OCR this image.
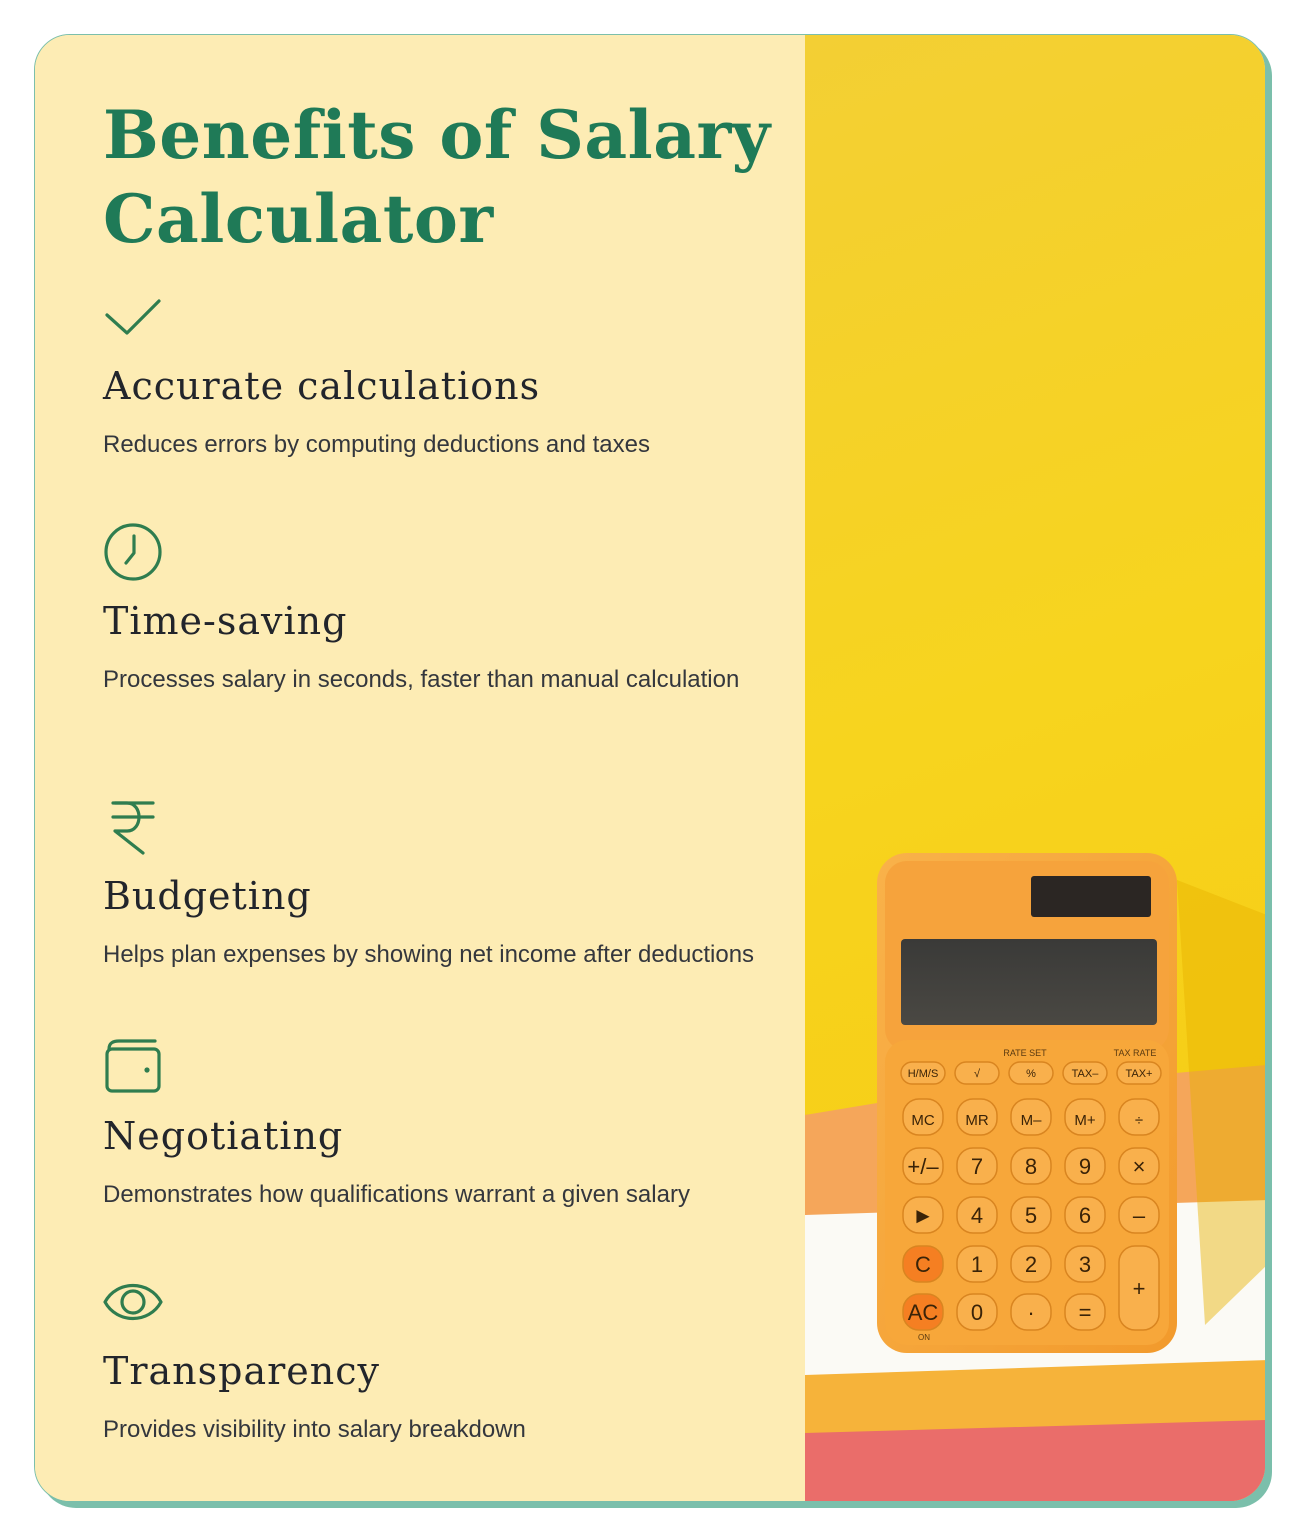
Benefits of Salary Calculator
Accurate calculations

Reduces errors by computing deductions and taxes

Time-saving

Processes salary in seconds, faster than manual calculation

Budgeting

Helps plan expenses by showing net income after deductions

Negotiating

Demonstrates how qualifications warrant a given salary

Transparency

Provides visibility into salary breakdown

RATE SET	TAX RATE
H/M/S	√	%	TAX– TAX+
MC MR M– M+	÷
+/– 7 8 9 ×
► 4 5 6 –
C 1 2 3
+
AC 0 · =
ON
